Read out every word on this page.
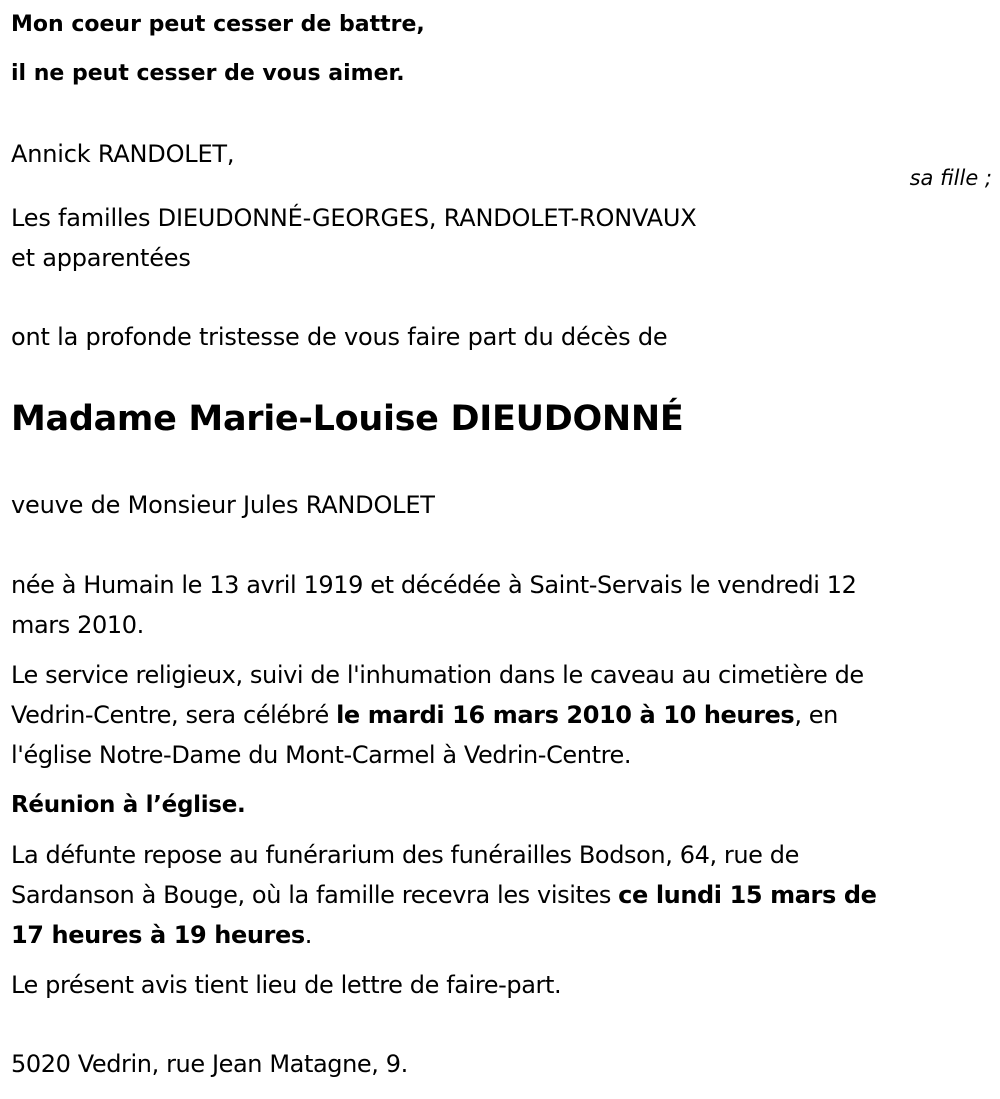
Mon coeur peut cesser de battre,
il ne peut cesser de vous aimer.
Annick RANDOLET,
sa fille ;
Les familles DIEUDONNÉ-GEORGES, RANDOLET-RONVAUX
et apparentées
ont la profonde tristesse de vous faire part du décès de
Madame Marie-Louise DIEUDONNÉ
veuve de Monsieur Jules RANDOLET
née à Humain le 13 avril 1919 et décédée à Saint-Servais le vendredi 12
mars 2010.
Le service religieux, suivi de l'inhumation dans le caveau au cimetière de
Vedrin-Centre, sera célébré le mardi 16 mars 2010 à 10 heures, en
l'église Notre-Dame du Mont-Carmel à Vedrin-Centre.
Réunion à l’église.
La défunte repose au funérarium des funérailles Bodson, 64, rue de
Sardanson à Bouge, où la famille recevra les visites ce lundi 15 mars de
17 heures à 19 heures.
Le présent avis tient lieu de lettre de faire-part.
5020 Vedrin, rue Jean Matagne, 9.
